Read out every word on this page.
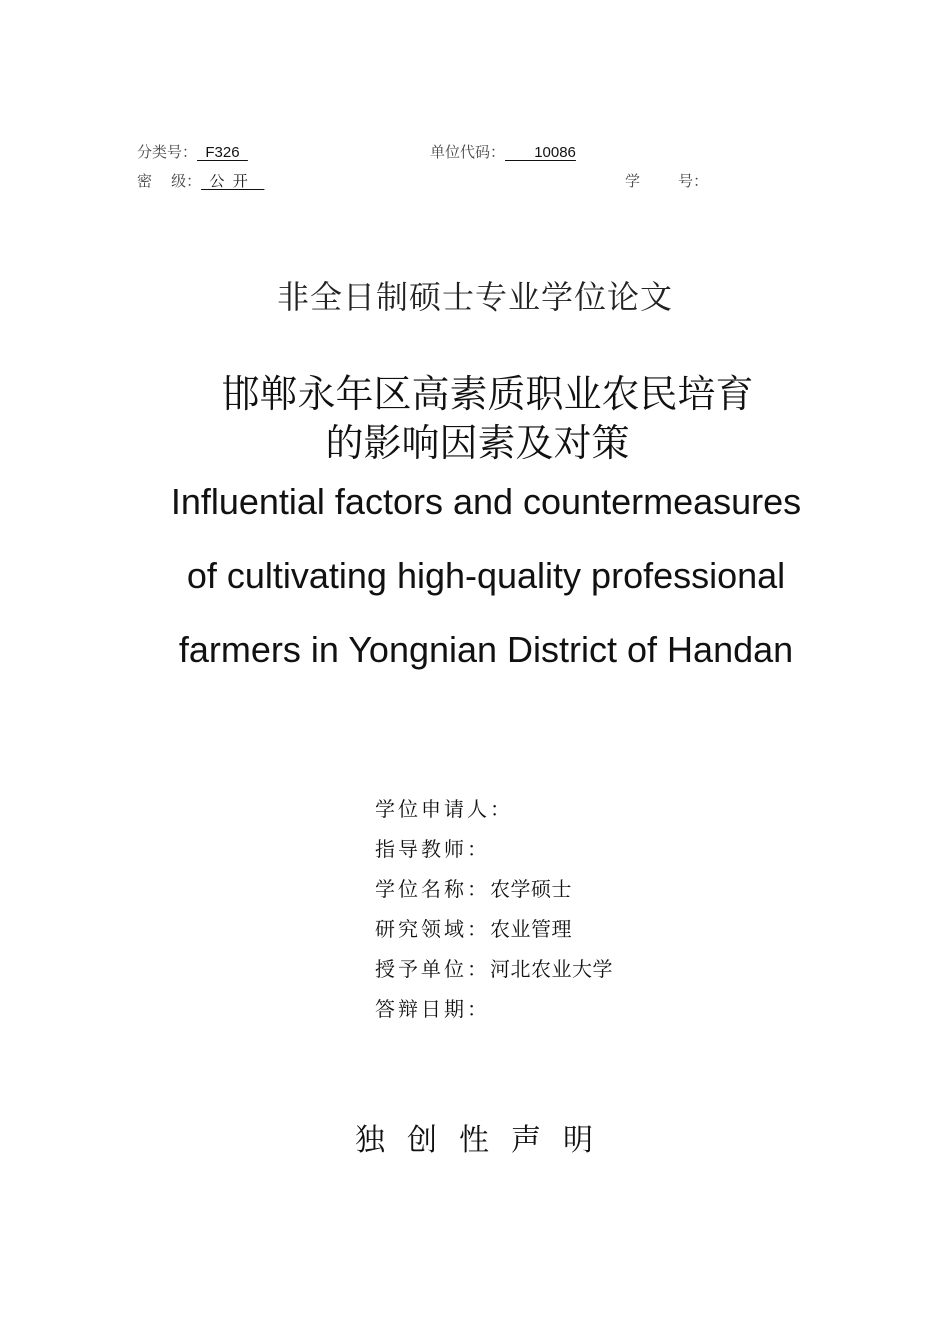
分类号：  F326	单位代码：       10086
密    级：  公  开	学        号：
非全日制硕士专业学位论文
邯郸永年区高素质职业农民培育
的影响因素及对策
Influential factors and countermeasures
of cultivating high-quality professional
farmers in Yongnian District of Handan
学位申请人：
指导教师：
学位名称：农学硕士
研究领域：农业管理
授予单位：河北农业大学
答辩日期：
独创性声明
